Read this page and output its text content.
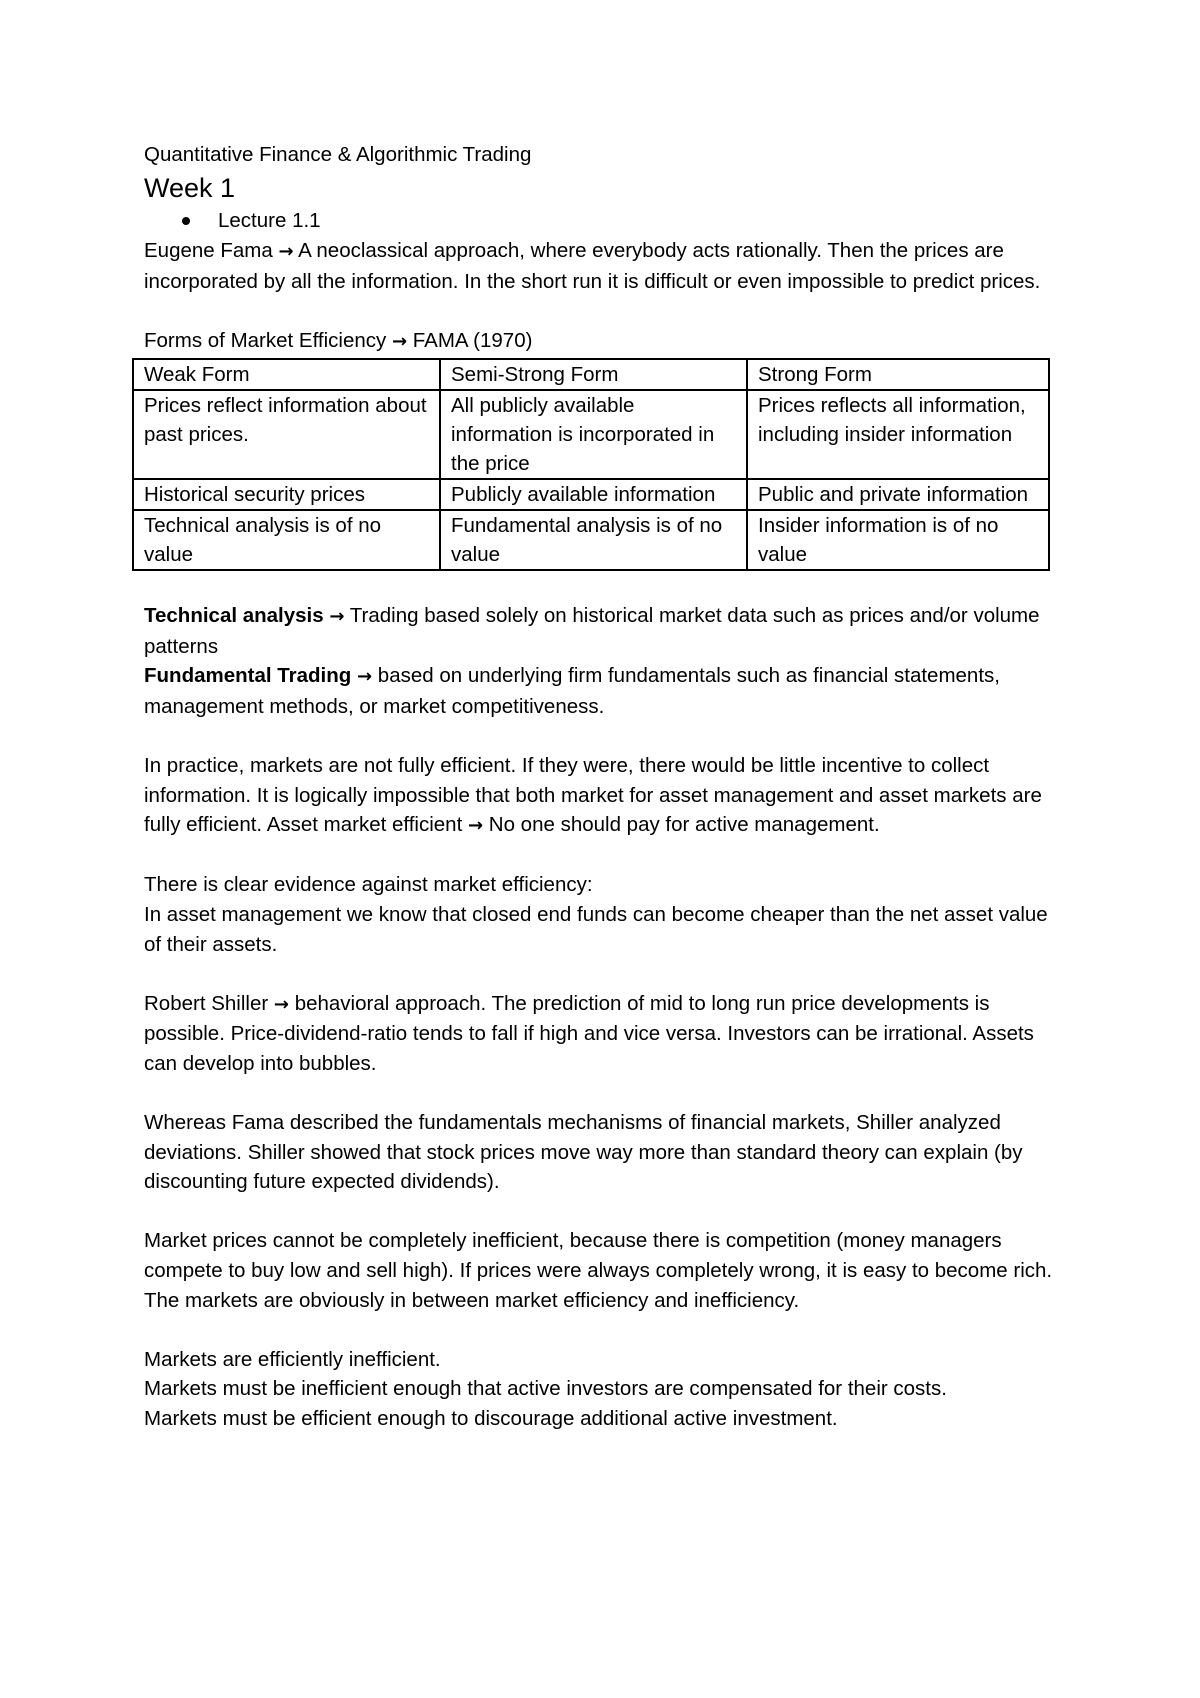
Quantitative Finance & Algorithmic Trading
Week 1
Lecture 1.1

Eugene Fama → A neoclassical approach, where everybody acts rationally. Then the prices are incorporated by all the information. In the short run it is difficult or even impossible to predict prices.

Forms of Market Efficiency → FAMA (1970)

Weak Form	Semi-Strong Form	Strong Form
Prices reflect information about past prices.	All publicly available information is incorporated in the price	Prices reflects all information, including insider information
Historical security prices	Publicly available information	Public and private information
Technical analysis is of no value	Fundamental analysis is of no value	Insider information is of no value

Technical analysis → Trading based solely on historical market data such as prices and/or volume patterns

Fundamental Trading → based on underlying firm fundamentals such as financial statements, management methods, or market competitiveness.

In practice, markets are not fully efficient. If they were, there would be little incentive to collect information. It is logically impossible that both market for asset management and asset markets are fully efficient. Asset market efficient → No one should pay for active management.

There is clear evidence against market efficiency:

In asset management we know that closed end funds can become cheaper than the net asset value of their assets.

Robert Shiller → behavioral approach. The prediction of mid to long run price developments is possible. Price-dividend-ratio tends to fall if high and vice versa. Investors can be irrational. Assets can develop into bubbles.

Whereas Fama described the fundamentals mechanisms of financial markets, Shiller analyzed deviations. Shiller showed that stock prices move way more than standard theory can explain (by discounting future expected dividends).

Market prices cannot be completely inefficient, because there is competition (money managers compete to buy low and sell high). If prices were always completely wrong, it is easy to become rich. The markets are obviously in between market efficiency and inefficiency.

Markets are efficiently inefficient.

Markets must be inefficient enough that active investors are compensated for their costs.

Markets must be efficient enough to discourage additional active investment.
